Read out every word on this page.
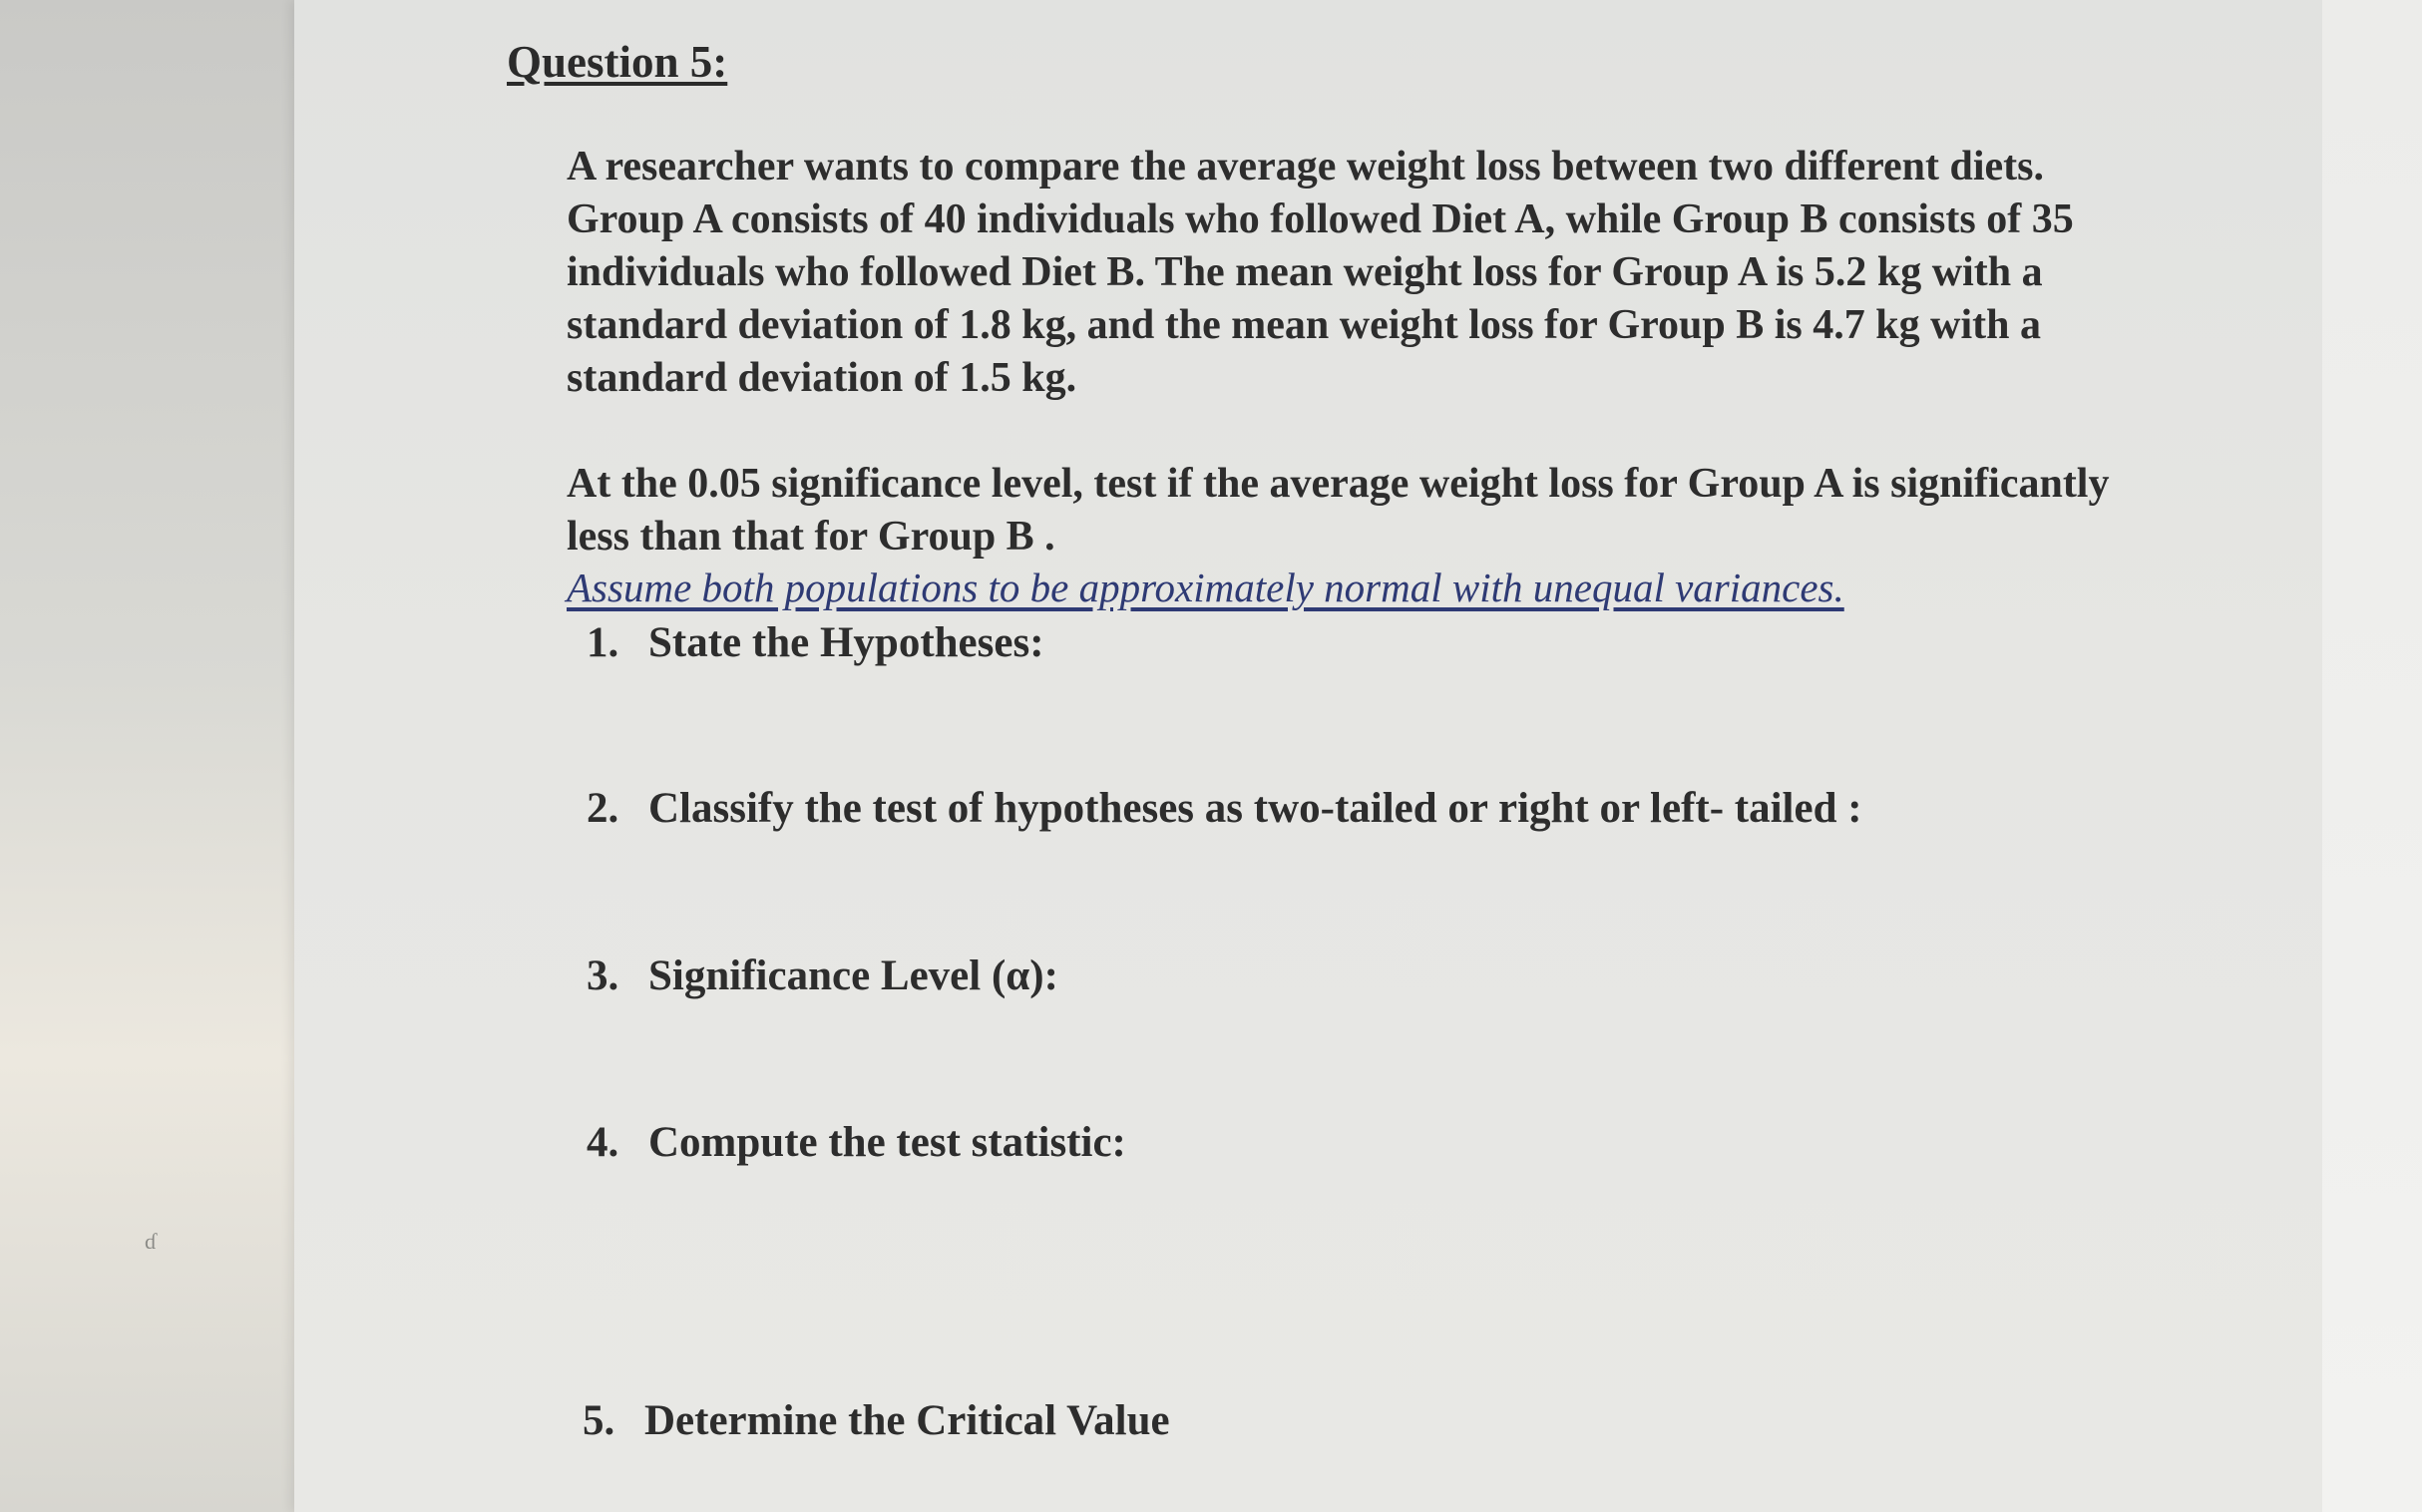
ɗ
Question 5:

A researcher wants to compare the average weight loss between two different diets. Group A consists of 40 individuals who followed Diet A, while Group B consists of 35 individuals who followed Diet B. The mean weight loss for Group A is 5.2 kg with a standard deviation of 1.8 kg, and the mean weight loss for Group B is 4.7 kg with a standard deviation of 1.5 kg.

At the 0.05 significance level, test if the average weight loss for Group A is significantly less than that for Group B .

Assume both populations to be approximately normal with unequal variances.

1. State the Hypotheses:
2. Classify the test of hypotheses as two-tailed or right or left- tailed :
3. Significance Level (α):
4. Compute the test statistic:
5. Determine the Critical Value
